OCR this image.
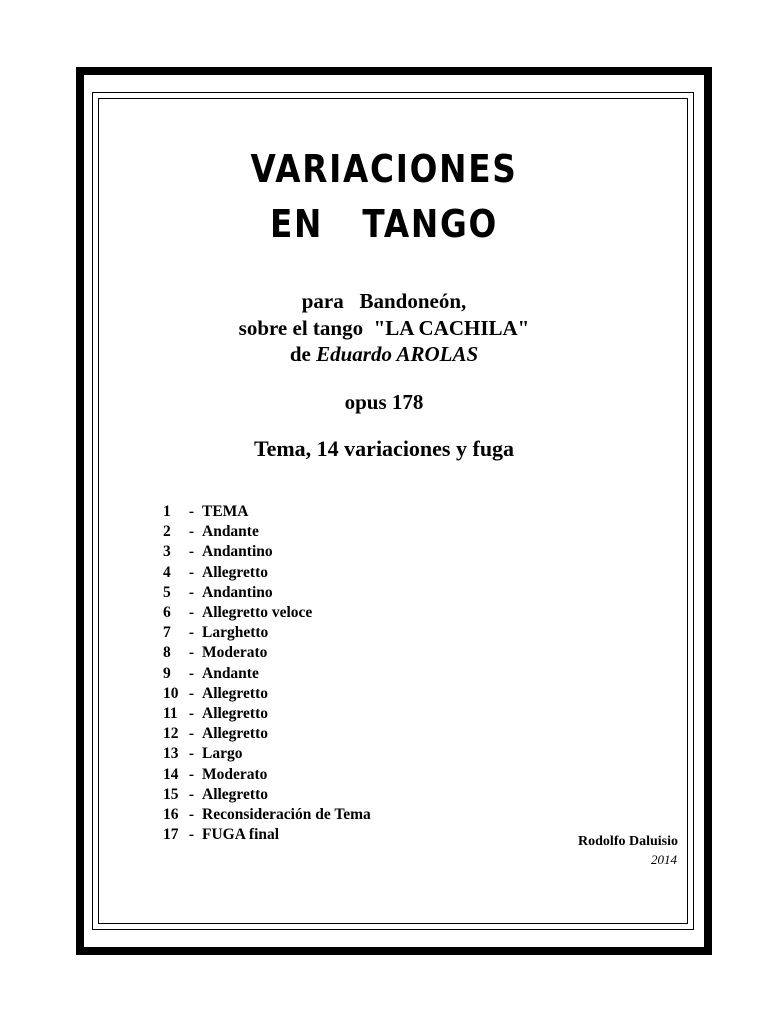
VARIACIONES
EN   TANGO
para   Bandoneón,
sobre el tango  "LA CACHILA"
de Eduardo AROLAS
opus 178
Tema, 14 variaciones y fuga
1 - TEMA
2 - Andante
3 - Andantino
4 - Allegretto
5 - Andantino
6 - Allegretto veloce
7 - Larghetto
8 - Moderato
9 - Andante
10 - Allegretto
11 - Allegretto
12 - Allegretto
13 - Largo
14 - Moderato
15 - Allegretto
16 - Reconsideración de Tema
17 - FUGA final	Rodolfo Daluisio
2014
